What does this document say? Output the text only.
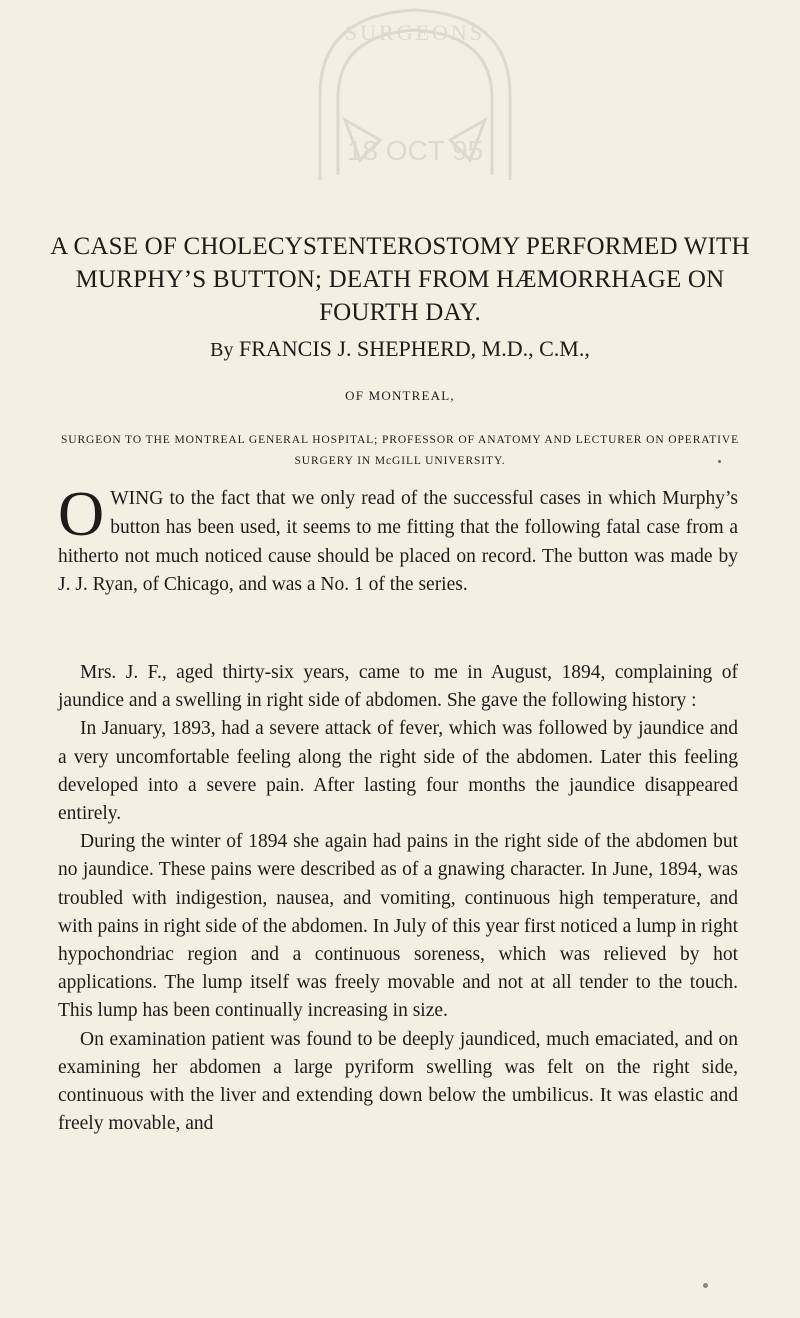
SURGEONS
18 OCT 95
A CASE OF CHOLECYSTENTEROSTOMY PERFORMED WITH MURPHY’S BUTTON; DEATH FROM HÆMORRHAGE ON FOURTH DAY.
By FRANCIS J. SHEPHERD, M.D., C.M.,
OF MONTREAL,
SURGEON TO THE MONTREAL GENERAL HOSPITAL; PROFESSOR OF ANATOMY AND LECTURER ON OPERATIVE SURGERY IN McGILL UNIVERSITY.
OWING to the fact that we only read of the successful cases in which Murphy’s button has been used, it seems to me fitting that the following fatal case from a hitherto not much noticed cause should be placed on record. The button was made by J. J. Ryan, of Chicago, and was a No. 1 of the series.

Mrs. J. F., aged thirty-six years, came to me in August, 1894, complaining of jaundice and a swelling in right side of abdomen. She gave the following history :

In January, 1893, had a severe attack of fever, which was followed by jaundice and a very uncomfortable feeling along the right side of the abdomen. Later this feeling developed into a severe pain. After lasting four months the jaundice disappeared entirely.

During the winter of 1894 she again had pains in the right side of the abdomen but no jaundice. These pains were described as of a gnawing character. In June, 1894, was troubled with indigestion, nausea, and vomiting, continuous high temperature, and with pains in right side of the abdomen. In July of this year first noticed a lump in right hypochondriac region and a continuous soreness, which was relieved by hot applications. The lump itself was freely movable and not at all tender to the touch. This lump has been continually increasing in size.

On examination patient was found to be deeply jaundiced, much emaciated, and on examining her abdomen a large pyriform swelling was felt on the right side, continuous with the liver and extending down below the umbilicus. It was elastic and freely movable, and
